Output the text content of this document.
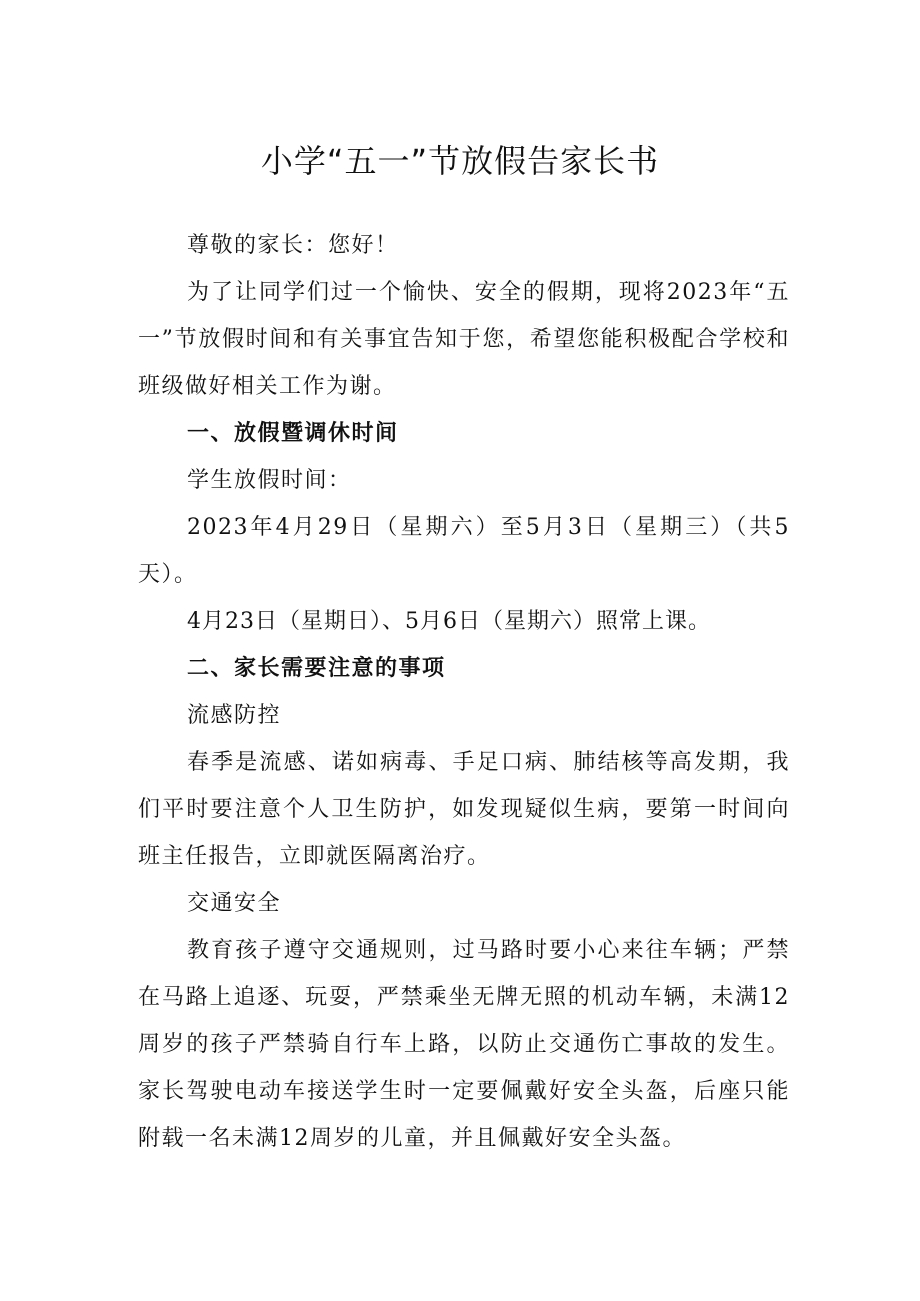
小学“五一”节放假告家长书

尊敬的家长：您好！

为了让同学们过一个愉快、安全的假期，现将2023年“五一”节放假时间和有关事宜告知于您，希望您能积极配合学校和班级做好相关工作为谢。

一、放假暨调休时间

学生放假时间：

2023年4月29日（星期六）至5月3日（星期三）（共5天）。

4月23日（星期日）、5月6日（星期六）照常上课。

二、家长需要注意的事项

流感防控

春季是流感、诺如病毒、手足口病、肺结核等高发期，我们平时要注意个人卫生防护，如发现疑似生病，要第一时间向班主任报告，立即就医隔离治疗。

交通安全

教育孩子遵守交通规则，过马路时要小心来往车辆；严禁在马路上追逐、玩耍，严禁乘坐无牌无照的机动车辆，未满12周岁的孩子严禁骑自行车上路，以防止交通伤亡事故的发生。家长驾驶电动车接送学生时一定要佩戴好安全头盔，后座只能附载一名未满12周岁的儿童，并且佩戴好安全头盔。
